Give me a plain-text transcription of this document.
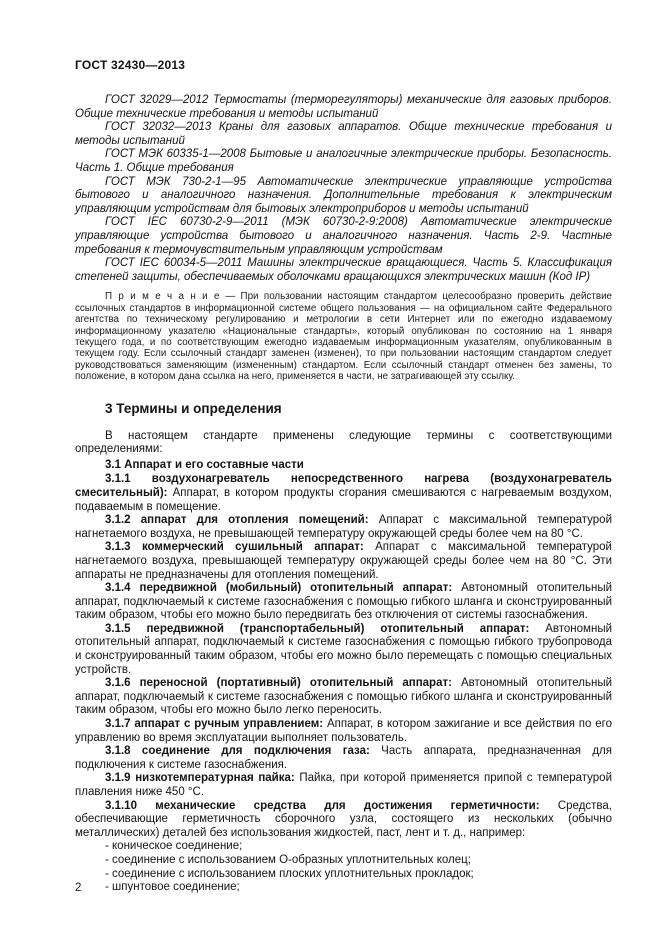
ГОСТ 32430—2013

ГОСТ 32029—2012 Термостаты (терморегуляторы) механические для газовых приборов. Общие технические требования и методы испытаний

ГОСТ 32032—2013 Краны для газовых аппаратов. Общие технические требования и методы испытаний

ГОСТ МЭК 60335-1—2008 Бытовые и аналогичные электрические приборы. Безопасность. Часть 1. Общие требования

ГОСТ МЭК 730-2-1—95 Автоматические электрические управляющие устройства бытового и аналогичного назначения. Дополнительные требования к электрическим управляющим устройствам для бытовых электроприборов и методы испытаний

ГОСТ IEC 60730-2-9—2011 (МЭК 60730-2-9:2008) Автоматические электрические управляющие устройства бытового и аналогичного назначения. Часть 2-9. Частные требования к термочувствительным управляющим устройствам

ГОСТ IEC 60034-5—2011 Машины электрические вращающиеся. Часть 5. Классификация степеней защиты, обеспечиваемых оболочками вращающихся электрических машин (Код IP)

П р и м е ч а н и е — При пользовании настоящим стандартом целесообразно проверить действие ссылочных стандартов в информационной системе общего пользования — на официальном сайте Федерального агентства по техническому регулированию и метрологии в сети Интернет или по ежегодно издаваемому информационному указателю «Национальные стандарты», который опубликован по состоянию на 1 января текущего года, и по соответствующим ежегодно издаваемым информационным указателям, опубликованным в текущем году. Если ссылочный стандарт заменен (изменен), то при пользовании настоящим стандартом следует руководствоваться заменяющим (измененным) стандартом. Если ссылочный стандарт отменен без замены, то положение, в котором дана ссылка на него, применяется в части, не затрагивающей эту ссылку.

3 Термины и определения

В настоящем стандарте применены следующие термины с соответствующими определениями:

3.1 Аппарат и его составные части

3.1.1 воздухонагреватель непосредственного нагрева (воздухонагреватель смесительный): Аппарат, в котором продукты сгорания смешиваются с нагреваемым воздухом, подаваемым в помещение.

3.1.2 аппарат для отопления помещений: Аппарат с максимальной температурой нагнетаемого воздуха, не превышающей температуру окружающей среды более чем на 80 °С.

3.1.3 коммерческий сушильный аппарат: Аппарат с максимальной температурой нагнетаемого воздуха, превышающей температуру окружающей среды более чем на 80 °С. Эти аппараты не предназначены для отопления помещений.

3.1.4 передвижной (мобильный) отопительный аппарат: Автономный отопительный аппарат, подключаемый к системе газоснабжения с помощью гибкого шланга и сконструированный таким образом, чтобы его можно было передвигать без отключения от системы газоснабжения.

3.1.5 передвижной (транспортабельный) отопительный аппарат: Автономный отопительный аппарат, подключаемый к системе газоснабжения с помощью гибкого трубопровода и сконструированный таким образом, чтобы его можно было перемещать с помощью специальных устройств.

3.1.6 переносной (портативный) отопительный аппарат: Автономный отопительный аппарат, подключаемый к системе газоснабжения с помощью гибкого шланга и сконструированный таким образом, чтобы его можно было легко переносить.

3.1.7 аппарат с ручным управлением: Аппарат, в котором зажигание и все действия по его управлению во время эксплуатации выполняет пользователь.

3.1.8 соединение для подключения газа: Часть аппарата, предназначенная для подключения к системе газоснабжения.

3.1.9 низкотемпературная пайка: Пайка, при которой применяется припой с температурой плавления ниже 450 °С.

3.1.10 механические средства для достижения герметичности: Средства, обеспечивающие герметичность сборочного узла, состоящего из нескольких (обычно металлических) деталей без использования жидкостей, паст, лент и т. д., например:

- коническое соединение;

- соединение с использованием О-образных уплотнительных колец;

- соединение с использованием плоских уплотнительных прокладок;

- шпунтовое соединение;

2
